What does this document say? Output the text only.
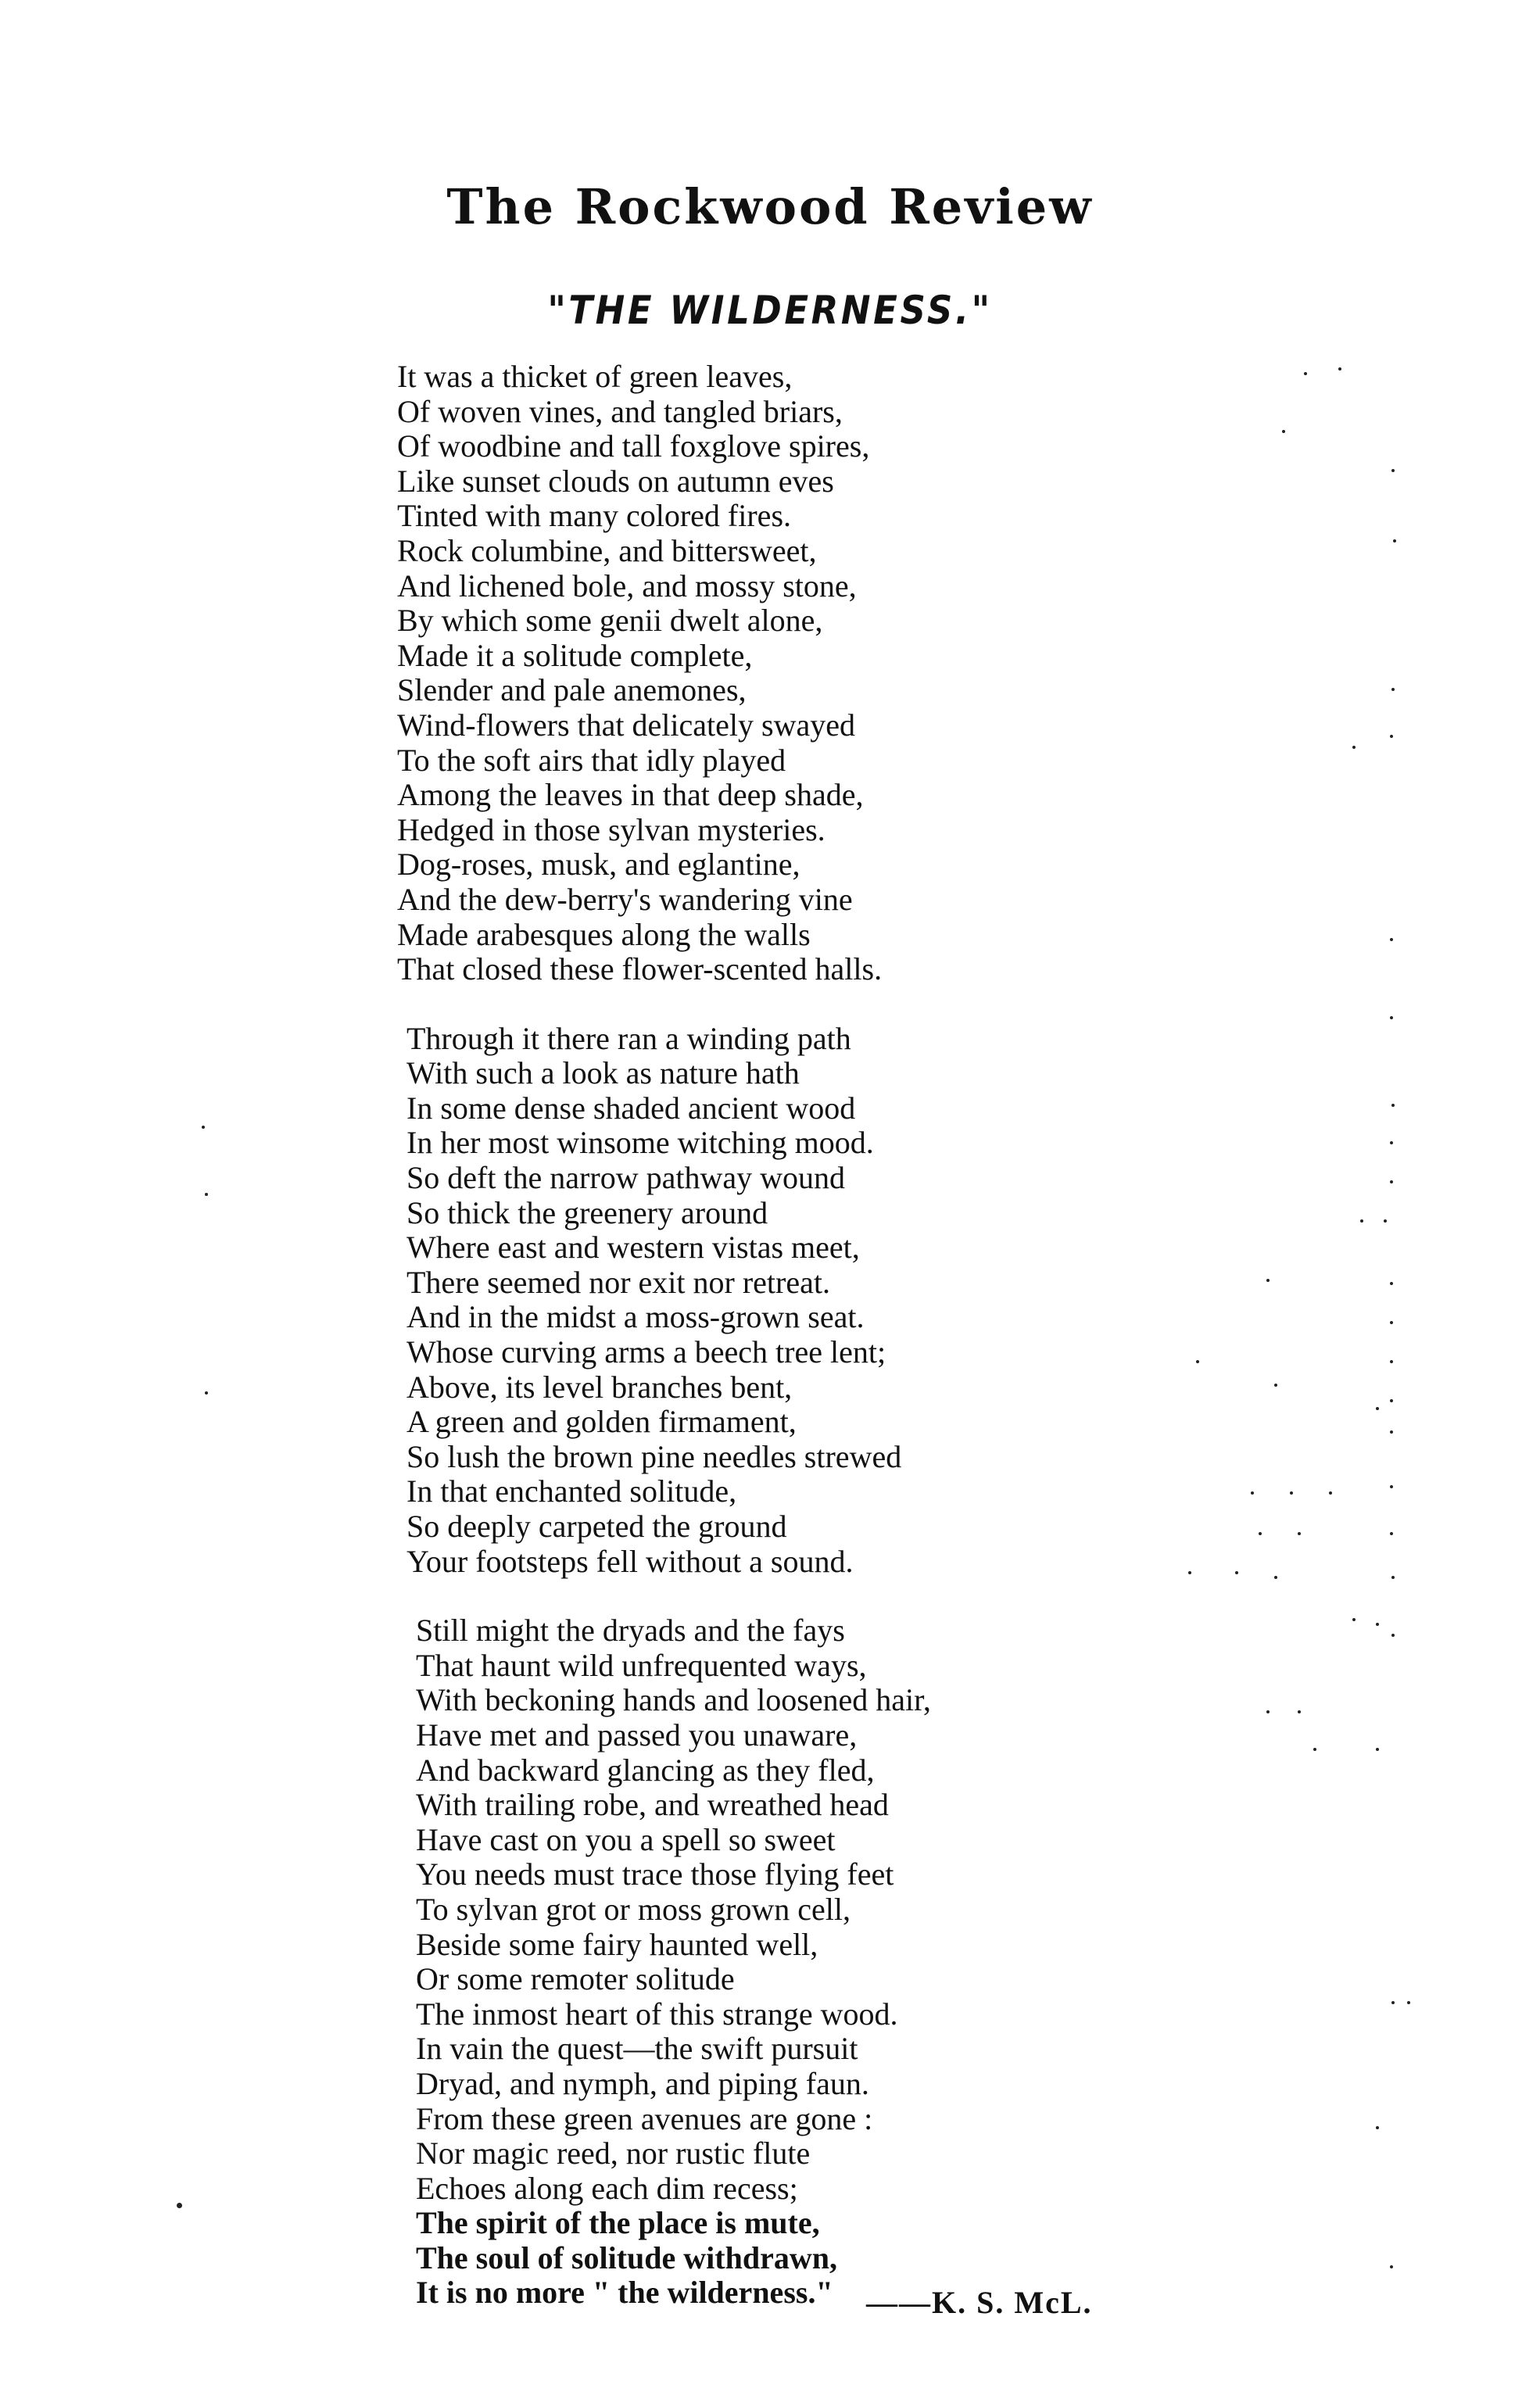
The Rockwood Review
"THE WILDERNESS."
It was a thicket of green leaves,
Of woven vines, and tangled briars,
Of woodbine and tall foxglove spires,
Like sunset clouds on autumn eves
Tinted with many colored fires.
Rock columbine, and bittersweet,
And lichened bole, and mossy stone,
By which some genii dwelt alone,
Made it a solitude complete,
Slender and pale anemones,
Wind-flowers that delicately swayed
To the soft airs that idly played
Among the leaves in that deep shade,
Hedged in those sylvan mysteries.
Dog-roses, musk, and eglantine,
And the dew-berry's wandering vine
Made arabesques along the walls
That closed these flower-scented halls.
Through it there ran a winding path
With such a look as nature hath
In some dense shaded ancient wood
In her most winsome witching mood.
So deft the narrow pathway wound
So thick the greenery around
Where east and western vistas meet,
There seemed nor exit nor retreat.
And in the midst a moss-grown seat.
Whose curving arms a beech tree lent;
Above, its level branches bent,
A green and golden firmament,
So lush the brown pine needles strewed
In that enchanted solitude,
So deeply carpeted the ground
Your footsteps fell without a sound.
Still might the dryads and the fays
That haunt wild unfrequented ways,
With beckoning hands and loosened hair,
Have met and passed you unaware,
And backward glancing as they fled,
With trailing robe, and wreathed head
Have cast on you a spell so sweet
You needs must trace those flying feet
To sylvan grot or moss grown cell,
Beside some fairy haunted well,
Or some remoter solitude
The inmost heart of this strange wood.
In vain the quest—the swift pursuit
Dryad, and nymph, and piping faun.
From these green avenues are gone :
Nor magic reed, nor rustic flute
Echoes along each dim recess;
The spirit of the place is mute,
The soul of solitude withdrawn,
It is no more " the wilderness."	——K. S. McL.
